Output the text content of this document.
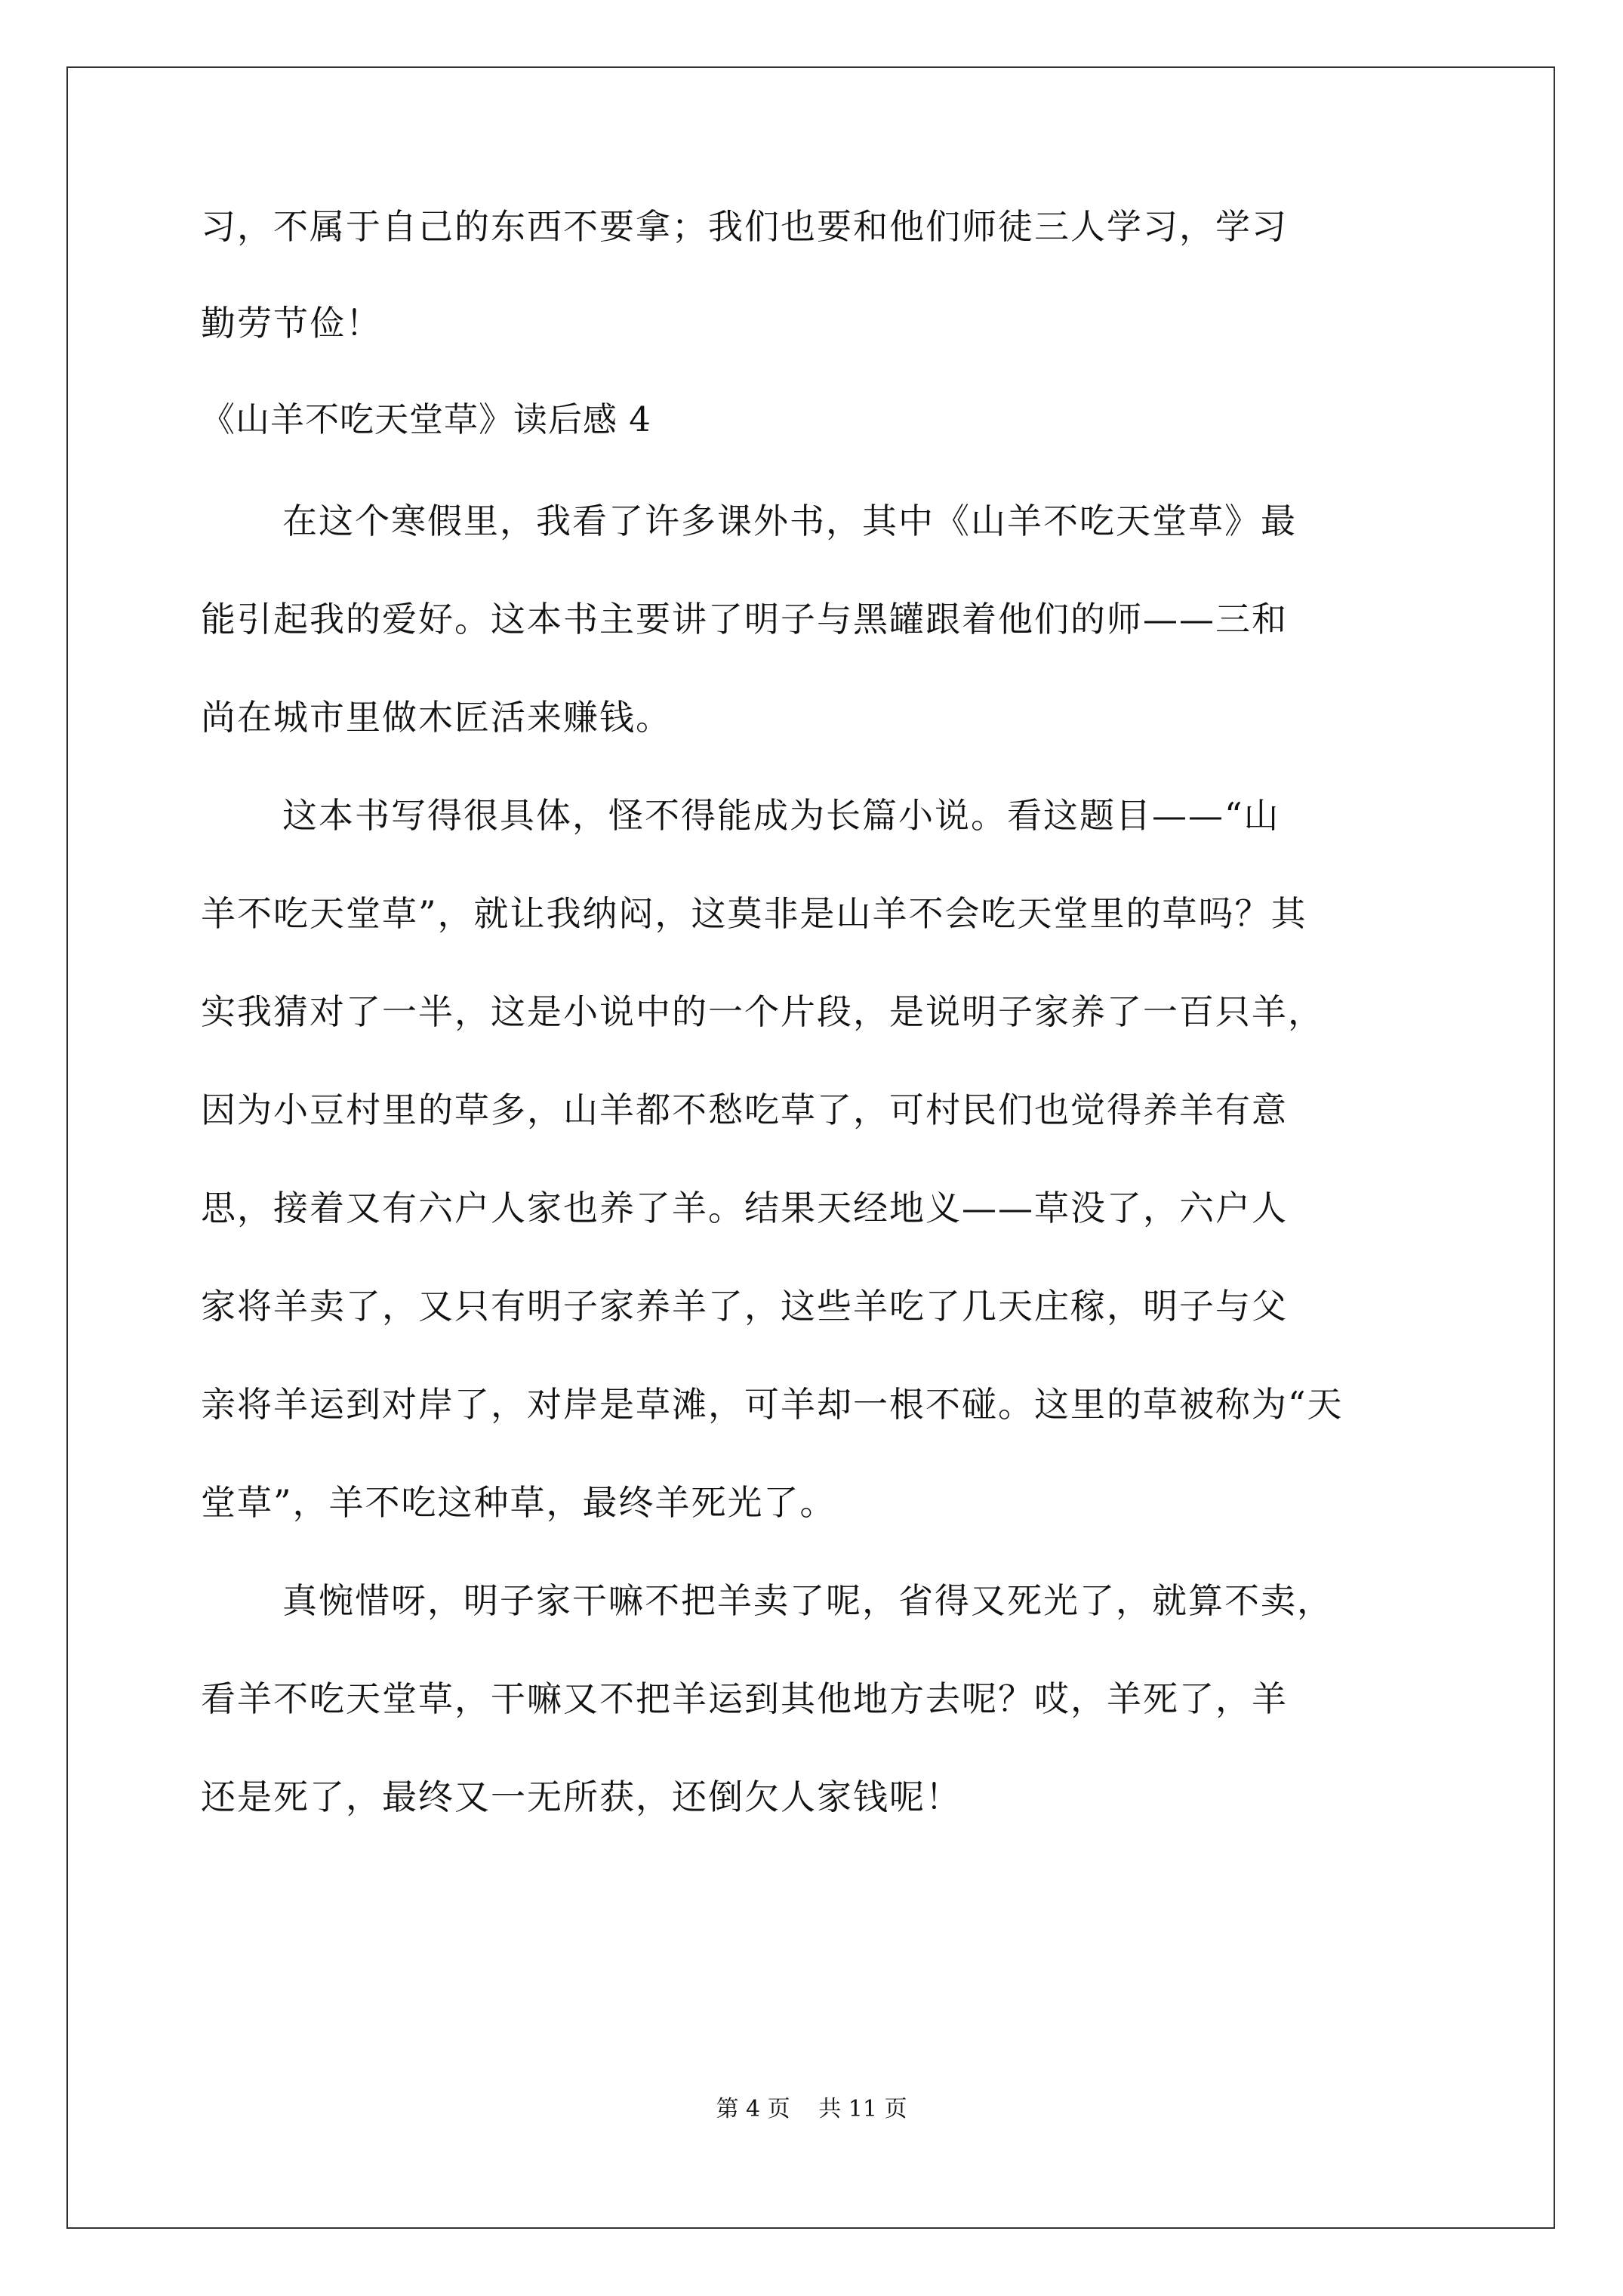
习，不属于自己的东西不要拿；我们也要和他们师徒三人学习，学习
勤劳节俭！
《山羊不吃天堂草》读后感 4
在这个寒假里，我看了许多课外书，其中《山羊不吃天堂草》最
能引起我的爱好。这本书主要讲了明子与黑罐跟着他们的师——三和
尚在城市里做木匠活来赚钱。
这本书写得很具体，怪不得能成为长篇小说。看这题目——“山
羊不吃天堂草”，就让我纳闷，这莫非是山羊不会吃天堂里的草吗？其
实我猜对了一半，这是小说中的一个片段，是说明子家养了一百只羊，
因为小豆村里的草多，山羊都不愁吃草了，可村民们也觉得养羊有意
思，接着又有六户人家也养了羊。结果天经地义——草没了，六户人
家将羊卖了，又只有明子家养羊了，这些羊吃了几天庄稼，明子与父
亲将羊运到对岸了，对岸是草滩，可羊却一根不碰。这里的草被称为“天
堂草”，羊不吃这种草，最终羊死光了。
真惋惜呀，明子家干嘛不把羊卖了呢，省得又死光了，就算不卖，
看羊不吃天堂草，干嘛又不把羊运到其他地方去呢？哎，羊死了，羊
还是死了，最终又一无所获，还倒欠人家钱呢！
第 4 页 共 11 页
